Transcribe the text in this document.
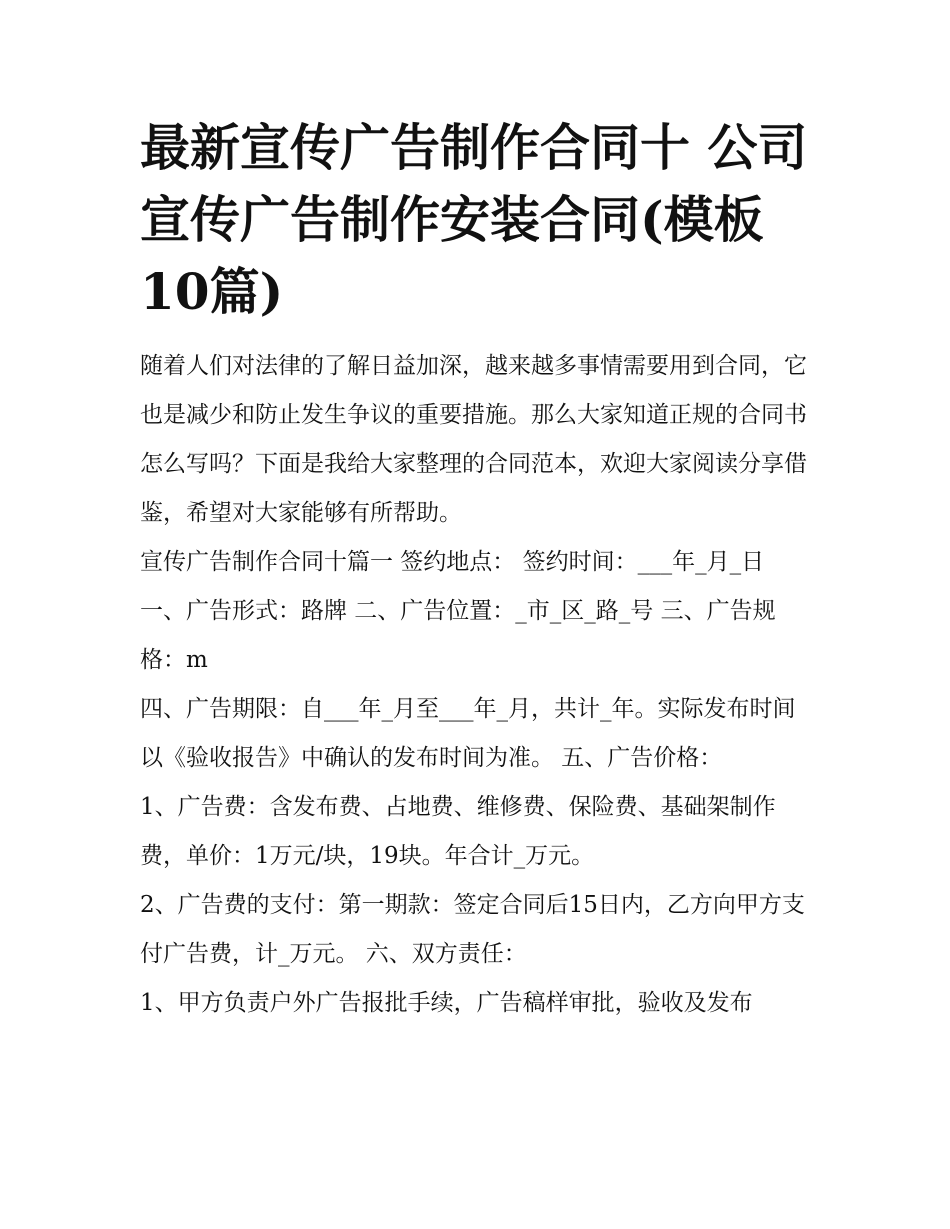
最新宣传广告制作合同十 公司宣传广告制作安装合同(模板10篇)

随着人们对法律的了解日益加深，越来越多事情需要用到合同，它也是减少和防止发生争议的重要措施。那么大家知道正规的合同书怎么写吗？下面是我给大家整理的合同范本，欢迎大家阅读分享借鉴，希望对大家能够有所帮助。

宣传广告制作合同十篇一 签约地点： 签约时间：___年_月_日 一、广告形式：路牌 二、广告位置：_市_区_路_号 三、广告规格：m

四、广告期限：自___年_月至___年_月，共计_年。实际发布时间以《验收报告》中确认的发布时间为准。 五、广告价格：

1、广告费：含发布费、占地费、维修费、保险费、基础架制作费，单价：1万元/块，19块。年合计_万元。

2、广告费的支付：第一期款：签定合同后15日内，乙方向甲方支付广告费，计_万元。 六、双方责任：

1、甲方负责户外广告报批手续，广告稿样审批，验收及发布
